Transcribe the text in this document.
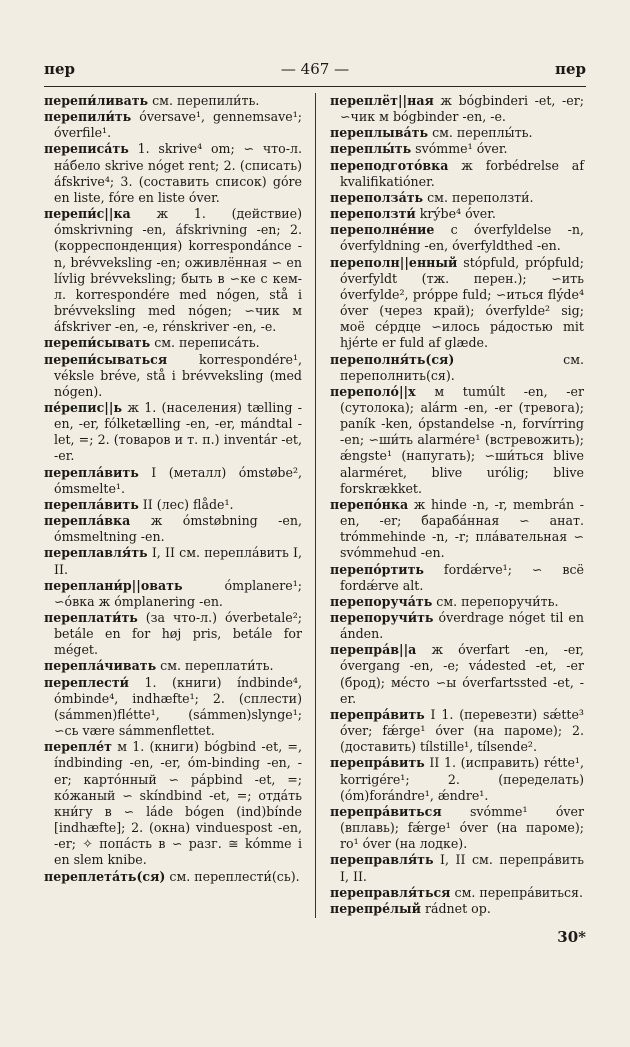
пер	— 467 —	пер

перепи́ливать см. перепили́ть.

перепили́ть óversave¹, gennemsave¹; óverfile¹.

переписа́ть 1. skrive⁴ om; ∽ что-л. нáбело skrive nóget rent; 2. (списать) áfskrive⁴; 3. (составить список) góre en liste, fóre en liste óver.

перепи́с||ка ж 1. (действие) ómskrivning -en, áfskrivning -en; 2. (корреспонденция) korrespondánce -n, brévveksling -en; оживлённая ∽ en lívlig brévveksling; быть в ∽ке с кем-л. korrespondére med nógen, stå i brévveksling med nógen; ∽чик м áfskriver -en, -e, rénskriver -en, -e.

перепи́сывать см. переписа́ть.

перепи́сываться	korrespondére¹, véksle bréve, stå i brévveksling (med nógen).

пе́репис||ь ж 1. (населения) tælling -en, -er, fólketælling -en, -er, mándtal -let, =; 2. (товаров и т. п.) inventár -et, -er.

переплáвить I (металл) ómstøbe², ómsmelte¹.

переплáвить II (лес) flåde¹.

переплáвка ж ómstøbning -en, ómsmeltning -en.

переплавля́ть I, II см. переплáвить I, II.

переплани́р||овать	ómplanere¹; ∽óвка ж ómplanering -en.

переплати́ть (за что-л.) óverbetale²; betále en for høj pris, betále for méget.

перепла́чивать см. переплати́ть.

переплести́ 1. (книги) índbinde⁴, ómbinde⁴, indhæfte¹; 2. (сплести) (sámmen)flétte¹, (sámmen)slynge¹; ∽сь være sámmenflettet.

перепле́т м 1. (книги) bógbind -et, =, índbinding -en, -er, óm-binding -en, -er; картóнный ∽ pápbind -et, =; кóжаный ∽ skíndbind -et, =; отдáть кни́гу в ∽ láde bógen (ind)bínde [indhæfte]; 2. (окна) vinduespost -en, -er; ✧ попáсть в ∽ разг. ≅ kómme i en slem knibe.

переплетáть(ся) см. переплести́(сь).

переплёт||ная ж bógbinderi -et, -er; ∽чик м bógbinder -en, -e.

переплывáть см. переплы́ть.

переплы́ть svómme¹ óver.

переподготóвка ж forbédrelse af kvalifikatióner.

переползáть см. переползти́.

переползти́ krýbe⁴ óver.

переполнéние с óverfyldelse -n, óverfyldning -en, óverfyldthed -en.

переполн||енный stópfuld, própfuld; óverfyldt (тж. перен.); ∽ить óverfylde², próppe fuld; ∽иться flýde⁴ óver (через край); óverfylde² sig; моё сéрдце ∽илось рáдостью mit hjérte er fuld af glæde.

переполня́ть(ся)	см. переполнить(ся).

переполó||х м tumúlt -en, -er (сутолока); alárm -en, -er (тревога); paník -ken, ópstandelse -n, forvírring -en; ∽ши́ть alarmére¹ (встревожить); ǽngste¹ (напугать); ∽ши́ться blive alarméret, blive urólig; blive forskrækket.

перепóнка ж hinde -n, -r, membrán -en, -er; барабáнная ∽ анат. trómmehinde -n, -r; плáвательная ∽ svómmehud -en.

перепóртить fordǽrve¹; ∽ всё fordǽrve alt.

перепоручáть см. перепоручи́ть.

перепоручи́ть óverdrage nóget til en ánden.

перепрáв||а ж óverfart -en, -er, óvergang -en, -e; vádested -et, -er (брод); мéсто ∽ы óverfartssted -et, -er.

перепрáвить I 1. (перевезти) sǽtte³ óver; fǽrge¹ óver (на пароме); 2. (доставить) tílstille¹, tílsende².

перепрáвить II 1. (исправить) rétte¹, korrigére¹; 2. (переделать) (óm)forándre¹, ǽndre¹.

перепрáвиться svómme¹ óver (вплавь); fǽrge¹ óver (на пароме); ro¹ óver (на лодке).

переправля́ть I, II см. перепрáвить I, II.

переправля́ться см. перепрáвиться.

перепрéлый rádnet op.

30*
